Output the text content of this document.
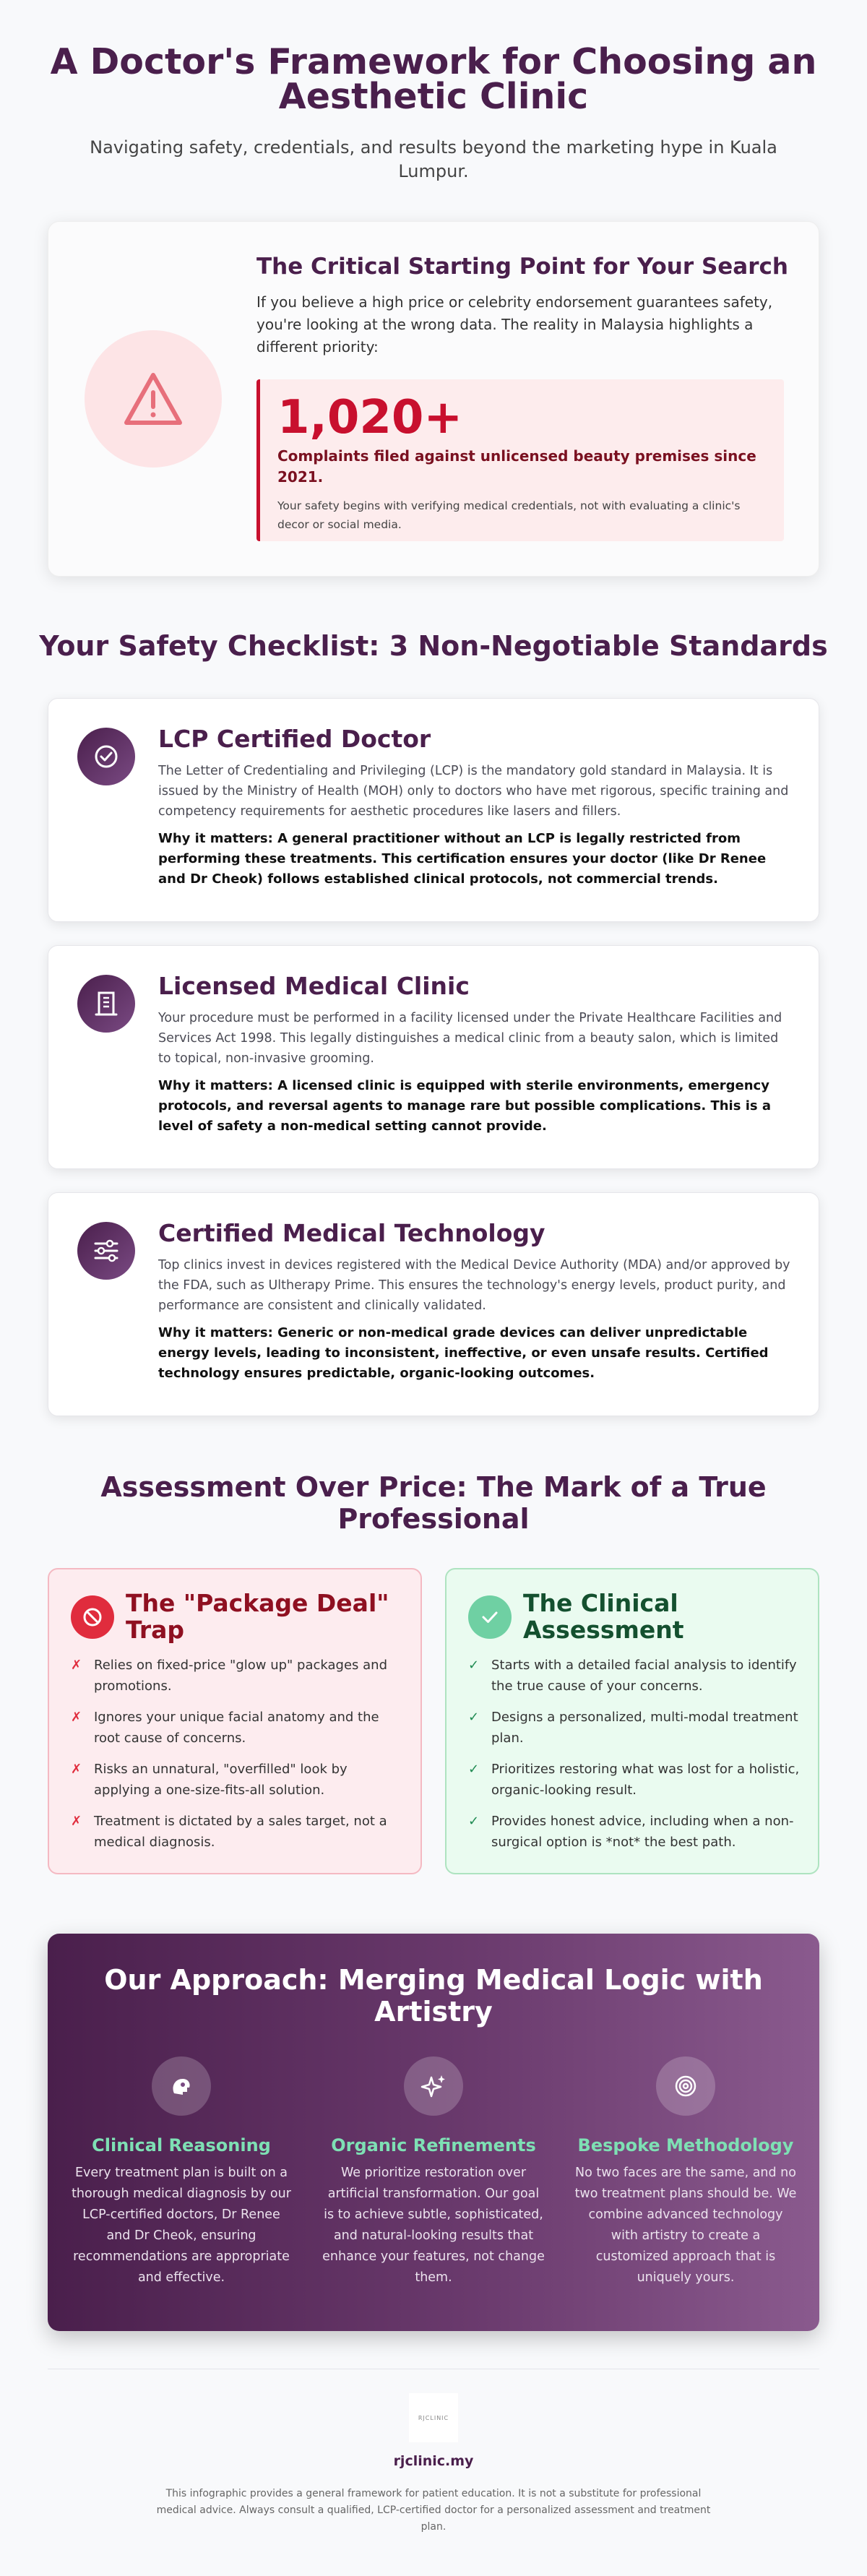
A Doctor's Framework for Choosing an Aesthetic Clinic

Navigating safety, credentials, and results beyond the marketing hype in Kuala Lumpur.

The Critical Starting Point for Your Search

If you believe a high price or celebrity endorsement guarantees safety, you're looking at the wrong data. The reality in Malaysia highlights a different priority:

1,020+
Complaints filed against unlicensed beauty premises since 2021.
Your safety begins with verifying medical credentials, not with evaluating a clinic's decor or social media.
Your Safety Checklist: 3 Non-Negotiable Standards
LCP Certified Doctor

The Letter of Credentialing and Privileging (LCP) is the mandatory gold standard in Malaysia. It is issued by the Ministry of Health (MOH) only to doctors who have met rigorous, specific training and competency requirements for aesthetic procedures like lasers and fillers.

Why it matters: A general practitioner without an LCP is legally restricted from performing these treatments. This certification ensures your doctor (like Dr Renee and Dr Cheok) follows established clinical protocols, not commercial trends.

Licensed Medical Clinic

Your procedure must be performed in a facility licensed under the Private Healthcare Facilities and Services Act 1998. This legally distinguishes a medical clinic from a beauty salon, which is limited to topical, non-invasive grooming.

Why it matters: A licensed clinic is equipped with sterile environments, emergency protocols, and reversal agents to manage rare but possible complications. This is a level of safety a non-medical setting cannot provide.

Certified Medical Technology

Top clinics invest in devices registered with the Medical Device Authority (MDA) and/or approved by the FDA, such as Ultherapy Prime. This ensures the technology's energy levels, product purity, and performance are consistent and clinically validated.

Why it matters: Generic or non-medical grade devices can deliver unpredictable energy levels, leading to inconsistent, ineffective, or even unsafe results. Certified technology ensures predictable, organic-looking outcomes.

Assessment Over Price: The Mark of a True Professional
The "Package Deal" Trap
✗ Relies on fixed-price "glow up" packages and promotions.
✗ Ignores your unique facial anatomy and the root cause of concerns.
✗ Risks an unnatural, "overfilled" look by applying a one-size-fits-all solution.
✗ Treatment is dictated by a sales target, not a medical diagnosis.
The Clinical Assessment
✓ Starts with a detailed facial analysis to identify the true cause of your concerns.
✓ Designs a personalized, multi-modal treatment plan.
✓ Prioritizes restoring what was lost for a holistic, organic-looking result.
✓ Provides honest advice, including when a non-surgical option is *not* the best path.
Our Approach: Merging Medical Logic with Artistry
Clinical Reasoning

Every treatment plan is built on a thorough medical diagnosis by our LCP-certified doctors, Dr Renee and Dr Cheok, ensuring recommendations are appropriate and effective.

Organic Refinements

We prioritize restoration over artificial transformation. Our goal is to achieve subtle, sophisticated, and natural-looking results that enhance your features, not change them.

Bespoke Methodology

No two faces are the same, and no two treatment plans should be. We combine advanced technology with artistry to create a customized approach that is uniquely yours.

RJCLINIC
rjclinic.my

This infographic provides a general framework for patient education. It is not a substitute for professional medical advice. Always consult a qualified, LCP-certified doctor for a personalized assessment and treatment plan.
